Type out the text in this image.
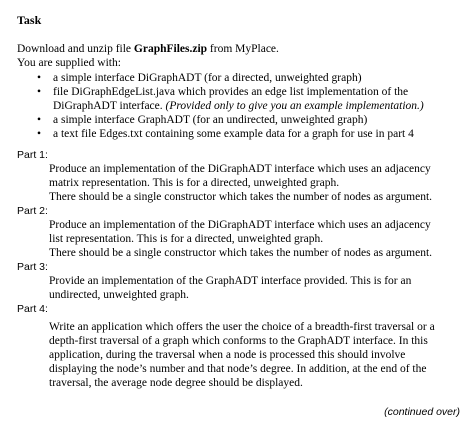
Task

Download and unzip file GraphFiles.zip from MyPlace.

You are supplied with:

• a simple interface DiGraphADT (for a directed, unweighted graph)
• file DiGraphEdgeList.java which provides an edge list implementation of the
DiGraphADT interface. (Provided only to give you an example implementation.)
• a simple interface GraphADT (for an undirected, unweighted graph)
• a text file Edges.txt containing some example data for a graph for use in part 4

Part 1:

Produce an implementation of the DiGraphADT interface which uses an adjacency
matrix representation. This is for a directed, unweighted graph.
There should be a single constructor which takes the number of nodes as argument.

Part 2:

Produce an implementation of the DiGraphADT interface which uses an adjacency
list representation. This is for a directed, unweighted graph.
There should be a single constructor which takes the number of nodes as argument.

Part 3:

Provide an implementation of the GraphADT interface provided. This is for an
undirected, unweighted graph.

Part 4:

Write an application which offers the user the choice of a breadth-first traversal or a
depth-first traversal of a graph which conforms to the GraphADT interface. In this
application, during the traversal when a node is processed this should involve
displaying the node’s number and that node’s degree. In addition, at the end of the
traversal, the average node degree should be displayed.
(continued over)
